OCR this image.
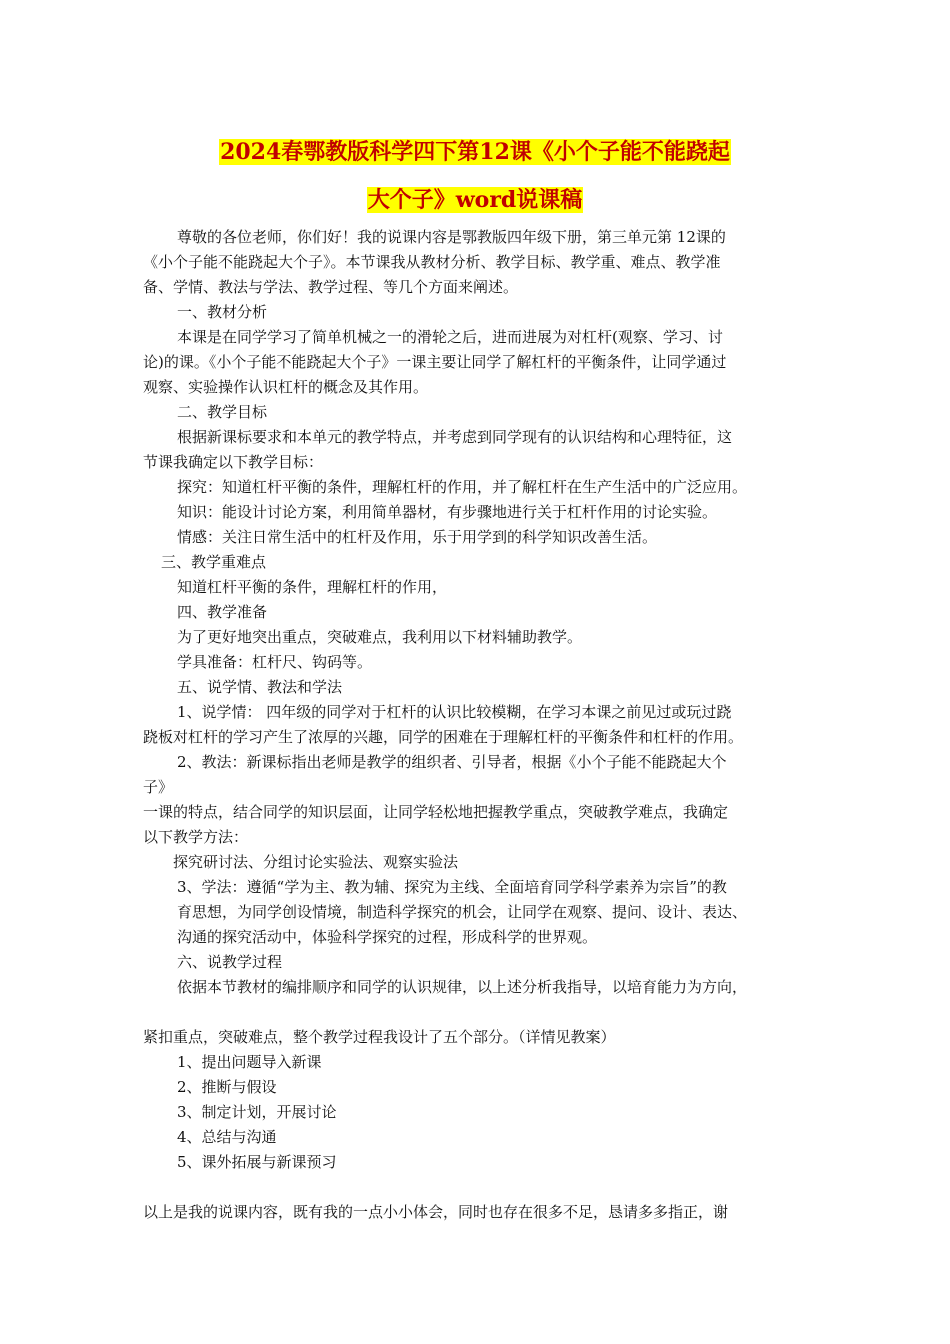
2024春鄂教版科学四下第12课《小个子能不能跷起
大个子》word说课稿
尊敬的各位老师，你们好！我的说课内容是鄂教版四年级下册，第三单元第 12课的
《小个子能不能跷起大个子》。本节课我从教材分析、教学目标、教学重、难点、教学准
备、学情、教法与学法、教学过程、等几个方面来阐述。
一、教材分析
本课是在同学学习了简单机械之一的滑轮之后，进而进展为对杠杆(观察、学习、讨
论)的课。《小个子能不能跷起大个子》一课主要让同学了解杠杆的平衡条件，让同学通过
观察、实验操作认识杠杆的概念及其作用。
二、教学目标
根据新课标要求和本单元的教学特点，并考虑到同学现有的认识结构和心理特征，这
节课我确定以下教学目标：
探究：知道杠杆平衡的条件，理解杠杆的作用，并了解杠杆在生产生活中的广泛应用。
知识：能设计讨论方案，利用简单器材，有步骤地进行关于杠杆作用的讨论实验。
情感：关注日常生活中的杠杆及作用，乐于用学到的科学知识改善生活。
三、教学重难点
知道杠杆平衡的条件，理解杠杆的作用，
四、教学准备
为了更好地突出重点，突破难点，我利用以下材料辅助教学。
学具准备：杠杆尺、钩码等。
五、说学情、教法和学法
1、说学情： 四年级的同学对于杠杆的认识比较模糊，在学习本课之前见过或玩过跷
跷板对杠杆的学习产生了浓厚的兴趣，同学的困难在于理解杠杆的平衡条件和杠杆的作用。
2、教法：新课标指出老师是教学的组织者、引导者，根据《小个子能不能跷起大个
子》
一课的特点，结合同学的知识层面，让同学轻松地把握教学重点，突破教学难点，我确定
以下教学方法：
探究研讨法、分组讨论实验法、观察实验法
3、学法：遵循“学为主、教为辅、探究为主线、全面培育同学科学素养为宗旨”的教
育思想，为同学创设情境，制造科学探究的机会，让同学在观察、提问、设计、表达、
沟通的探究活动中，体验科学探究的过程，形成科学的世界观。
六、说教学过程
依据本节教材的编排顺序和同学的认识规律，以上述分析我指导，以培育能力为方向，
紧扣重点，突破难点，整个教学过程我设计了五个部分。（详情见教案）
1、提出问题导入新课
2、推断与假设
3、制定计划，开展讨论
4、总结与沟通
5、课外拓展与新课预习
以上是我的说课内容，既有我的一点小小体会，同时也存在很多不足，恳请多多指正，谢
